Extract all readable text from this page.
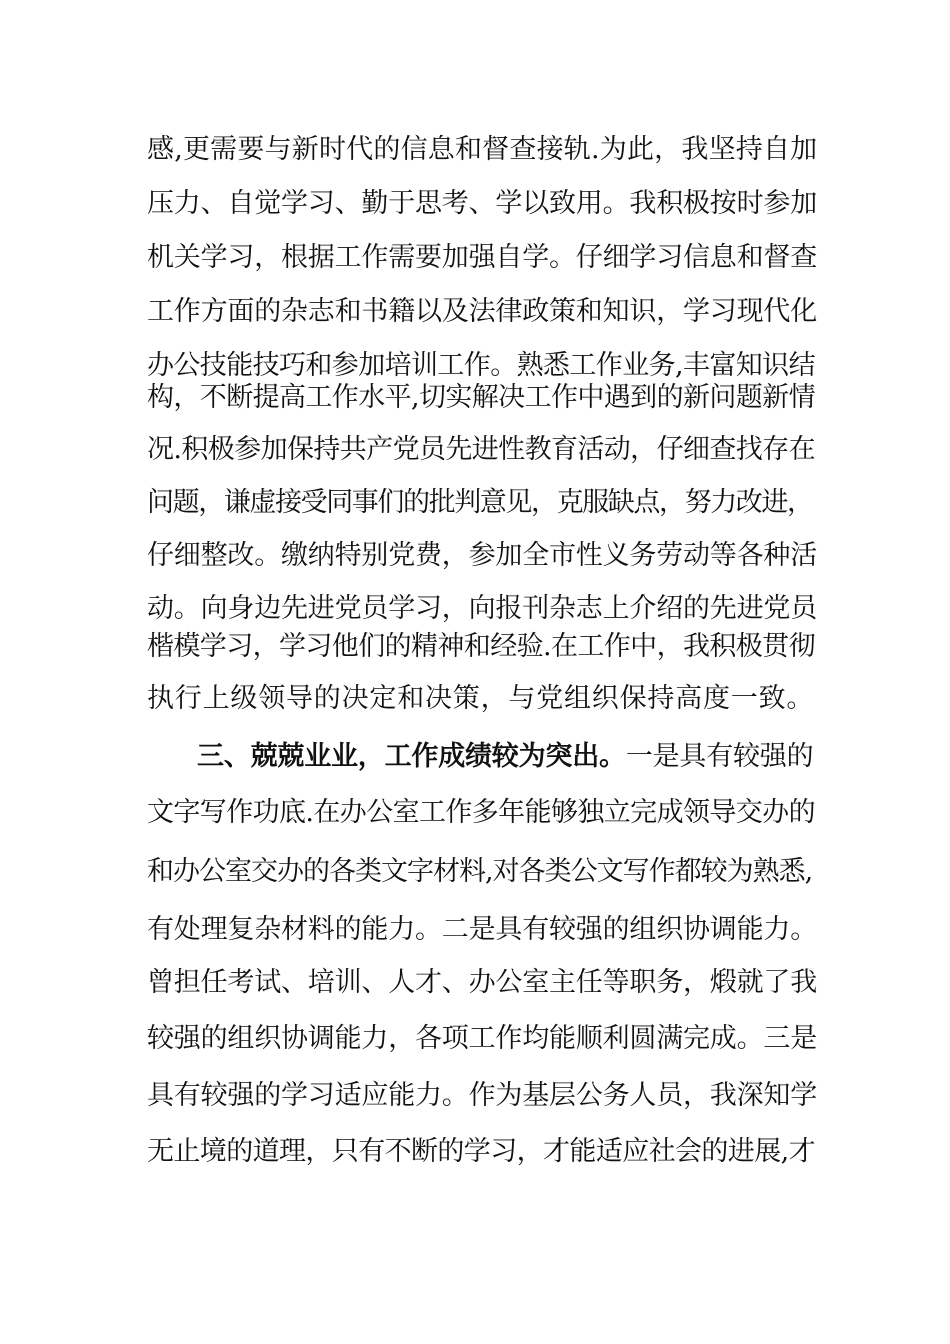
感,更需要与新时代的信息和督查接轨.为此，我坚持自加
压力、自觉学习、勤于思考、学以致用。我积极按时参加
机关学习，根据工作需要加强自学。仔细学习信息和督查
工作方面的杂志和书籍以及法律政策和知识，学习现代化
办公技能技巧和参加培训工作。熟悉工作业务,丰富知识结
构，不断提高工作水平,切实解决工作中遇到的新问题新情
况.积极参加保持共产党员先进性教育活动，仔细查找存在
问题，谦虚接受同事们的批判意见，克服缺点，努力改进，
仔细整改。缴纳特别党费，参加全市性义务劳动等各种活
动。向身边先进党员学习，向报刊杂志上介绍的先进党员
楷模学习，学习他们的精神和经验.在工作中，我积极贯彻
执行上级领导的决定和决策，与党组织保持高度一致。
三、兢兢业业，工作成绩较为突出。一是具有较强的
文字写作功底.在办公室工作多年能够独立完成领导交办的
和办公室交办的各类文字材料,对各类公文写作都较为熟悉,
有处理复杂材料的能力。二是具有较强的组织协调能力。
曾担任考试、培训、人才、办公室主任等职务，煅就了我
较强的组织协调能力，各项工作均能顺利圆满完成。三是
具有较强的学习适应能力。作为基层公务人员，我深知学
无止境的道理，只有不断的学习，才能适应社会的进展,才
